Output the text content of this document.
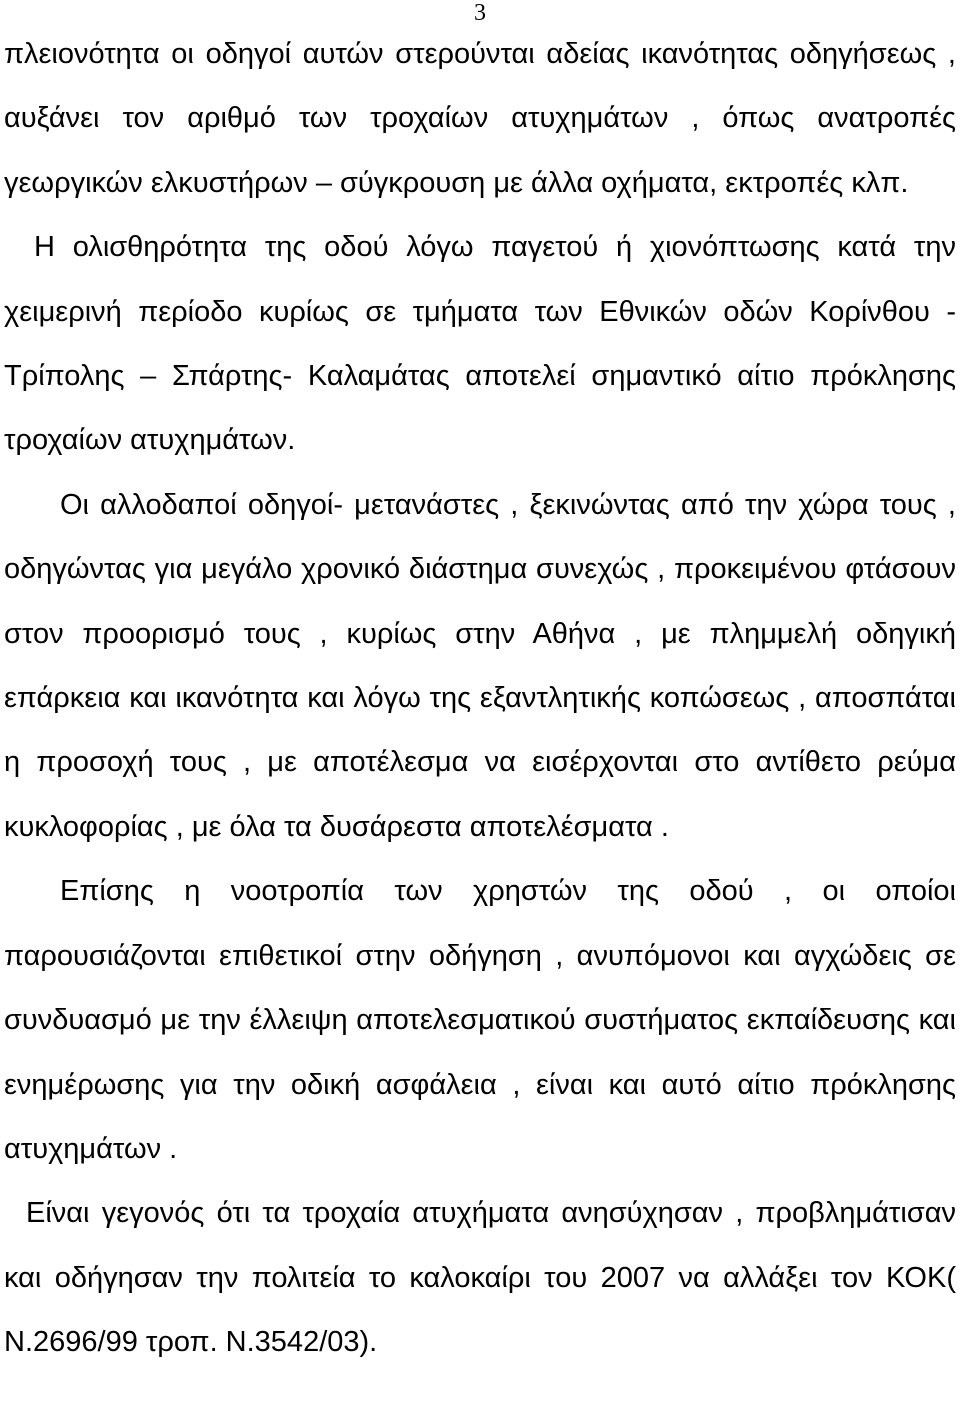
3

πλειονότητα οι οδηγοί αυτών στερούνται αδείας ικανότητας οδηγήσεως , αυξάνει τον αριθμό των τροχαίων ατυχημάτων , όπως ανατροπές γεωργικών ελκυστήρων – σύγκρουση με άλλα οχήματα, εκτροπές κλπ.

Η ολισθηρότητα της οδού λόγω παγετού ή χιονόπτωσης κατά την χειμερινή περίοδο κυρίως σε τμήματα των Εθνικών οδών Κορίνθου - Τρίπολης – Σπάρτης- Καλαμάτας αποτελεί σημαντικό αίτιο πρόκλησης τροχαίων ατυχημάτων.

Οι αλλοδαποί οδηγοί- μετανάστες , ξεκινώντας από την χώρα τους , οδηγώντας για μεγάλο χρονικό διάστημα συνεχώς , προκειμένου φτάσουν στον προορισμό τους , κυρίως στην Αθήνα , με πλημμελή οδηγική επάρκεια και ικανότητα και λόγω της εξαντλητικής κοπώσεως , αποσπάται η προσοχή τους , με αποτέλεσμα να εισέρχονται στο αντίθετο ρεύμα κυκλοφορίας , με όλα τα δυσάρεστα αποτελέσματα .

Επίσης η νοοτροπία των χρηστών της οδού , οι οποίοι παρουσιάζονται επιθετικοί στην οδήγηση , ανυπόμονοι και αγχώδεις σε συνδυασμό με την έλλειψη αποτελεσματικού συστήματος εκπαίδευσης και ενημέρωσης για την οδική ασφάλεια , είναι και αυτό αίτιο πρόκλησης ατυχημάτων .

Είναι γεγονός ότι τα τροχαία ατυχήματα ανησύχησαν , προβλημάτισαν και οδήγησαν την πολιτεία το καλοκαίρι του 2007 να αλλάξει τον ΚΟΚ( Ν.2696/99 τροπ. Ν.3542/03).
